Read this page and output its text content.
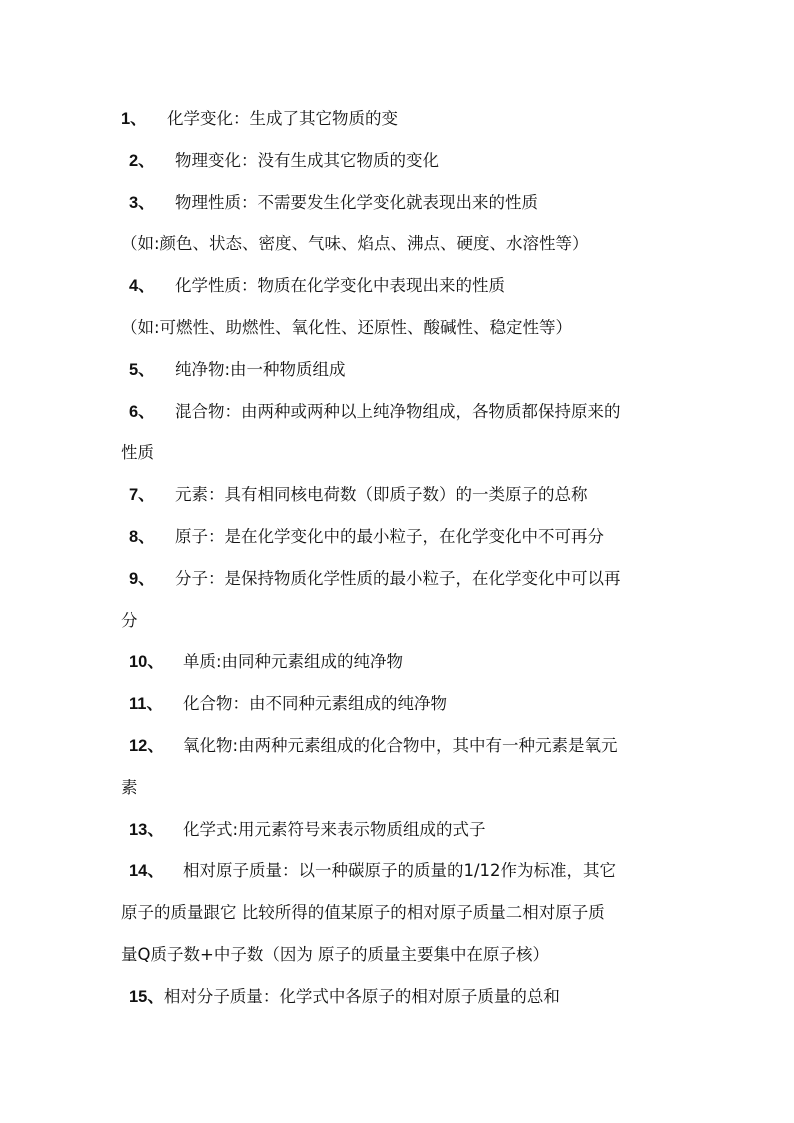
1、 化学变化：生成了其它物质的变
2、 物理变化：没有生成其它物质的变化
3、 物理性质：不需要发生化学变化就表现出来的性质
（如:颜色、状态、密度、气味、焰点、沸点、硬度、水溶性等）
4、 化学性质：物质在化学变化中表现出来的性质
（如:可燃性、助燃性、氧化性、还原性、酸碱性、稳定性等）
5、 纯净物:由一种物质组成
6、 混合物：由两种或两种以上纯净物组成，各物质都保持原来的
性质
7、 元素：具有相同核电荷数（即质子数）的一类原子的总称
8、 原子：是在化学变化中的最小粒子，在化学变化中不可再分
9、 分子：是保持物质化学性质的最小粒子，在化学变化中可以再
分
10、 单质:由同种元素组成的纯净物
11、 化合物：由不同种元素组成的纯净物
12、 氧化物:由两种元素组成的化合物中，其中有一种元素是氧元
素
13、 化学式:用元素符号来表示物质组成的式子
14、 相对原子质量：以一种碳原子的质量的1/12作为标准，其它
原子的质量跟它 比较所得的值某原子的相对原子质量二相对原子质
量Q质子数+中子数（因为 原子的质量主要集中在原子核）
15、相对分子质量：化学式中各原子的相对原子质量的总和
